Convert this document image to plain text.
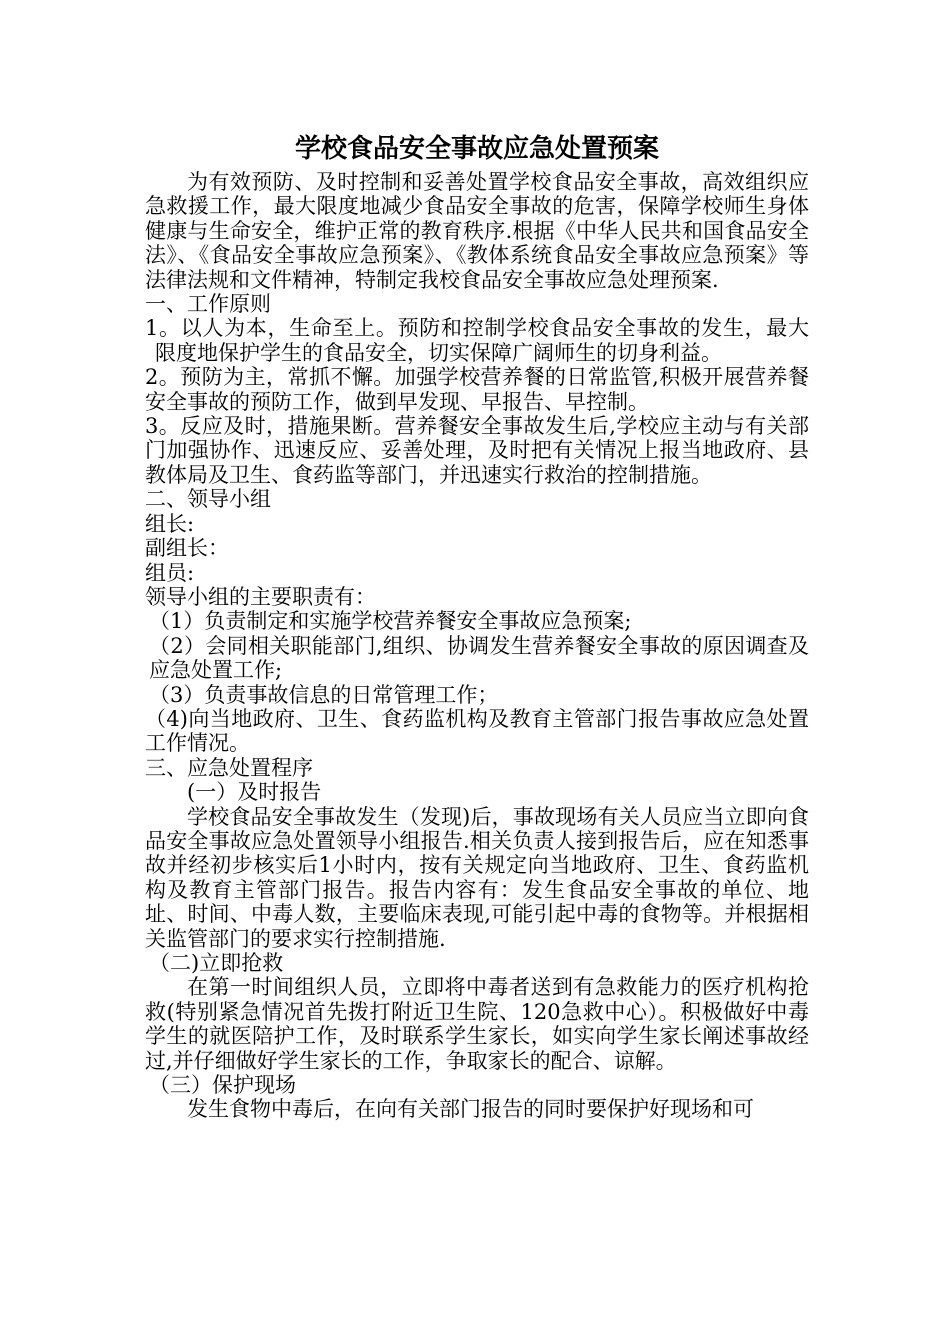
学校食品安全事故应急处置预案

为有效预防、及时控制和妥善处置学校食品安全事故，高效组织应急救援工作，最大限度地减少食品安全事故的危害，保障学校师生身体健康与生命安全，维护正常的教育秩序.根据《中华人民共和国食品安全法》、《食品安全事故应急预案》、《教体系统食品安全事故应急预案》等法律法规和文件精神，特制定我校食品安全事故应急处理预案.

一、工作原则

1。以人为本，生命至上。预防和控制学校食品安全事故的发生，最大限度地保护学生的食品安全，切实保障广阔师生的切身利益。

2。预防为主，常抓不懈。加强学校营养餐的日常监管,积极开展营养餐安全事故的预防工作，做到早发现、早报告、早控制。

3。反应及时，措施果断。营养餐安全事故发生后,学校应主动与有关部门加强协作、迅速反应、妥善处理，及时把有关情况上报当地政府、县教体局及卫生、食药监等部门，并迅速实行救治的控制措施。

二、领导小组

组长:

副组长：

组员:

领导小组的主要职责有：

（1）负责制定和实施学校营养餐安全事故应急预案;

（2）会同相关职能部门,组织、协调发生营养餐安全事故的原因调查及应急处置工作;

（3）负责事故信息的日常管理工作；

（4)向当地政府、卫生、食药监机构及教育主管部门报告事故应急处置工作情况。

三、应急处置程序

(一）及时报告

学校食品安全事故发生（发现)后，事故现场有关人员应当立即向食品安全事故应急处置领导小组报告.相关负责人接到报告后，应在知悉事故并经初步核实后1小时内，按有关规定向当地政府、卫生、食药监机构及教育主管部门报告。报告内容有：发生食品安全事故的单位、地址、时间、中毒人数，主要临床表现,可能引起中毒的食物等。并根据相关监管部门的要求实行控制措施.

（二)立即抢救

在第一时间组织人员，立即将中毒者送到有急救能力的医疗机构抢救(特别紧急情况首先拨打附近卫生院、120急救中心）。积极做好中毒学生的就医陪护工作，及时联系学生家长，如实向学生家长阐述事故经过,并仔细做好学生家长的工作，争取家长的配合、谅解。

（三）保护现场

发生食物中毒后，在向有关部门报告的同时要保护好现场和可
